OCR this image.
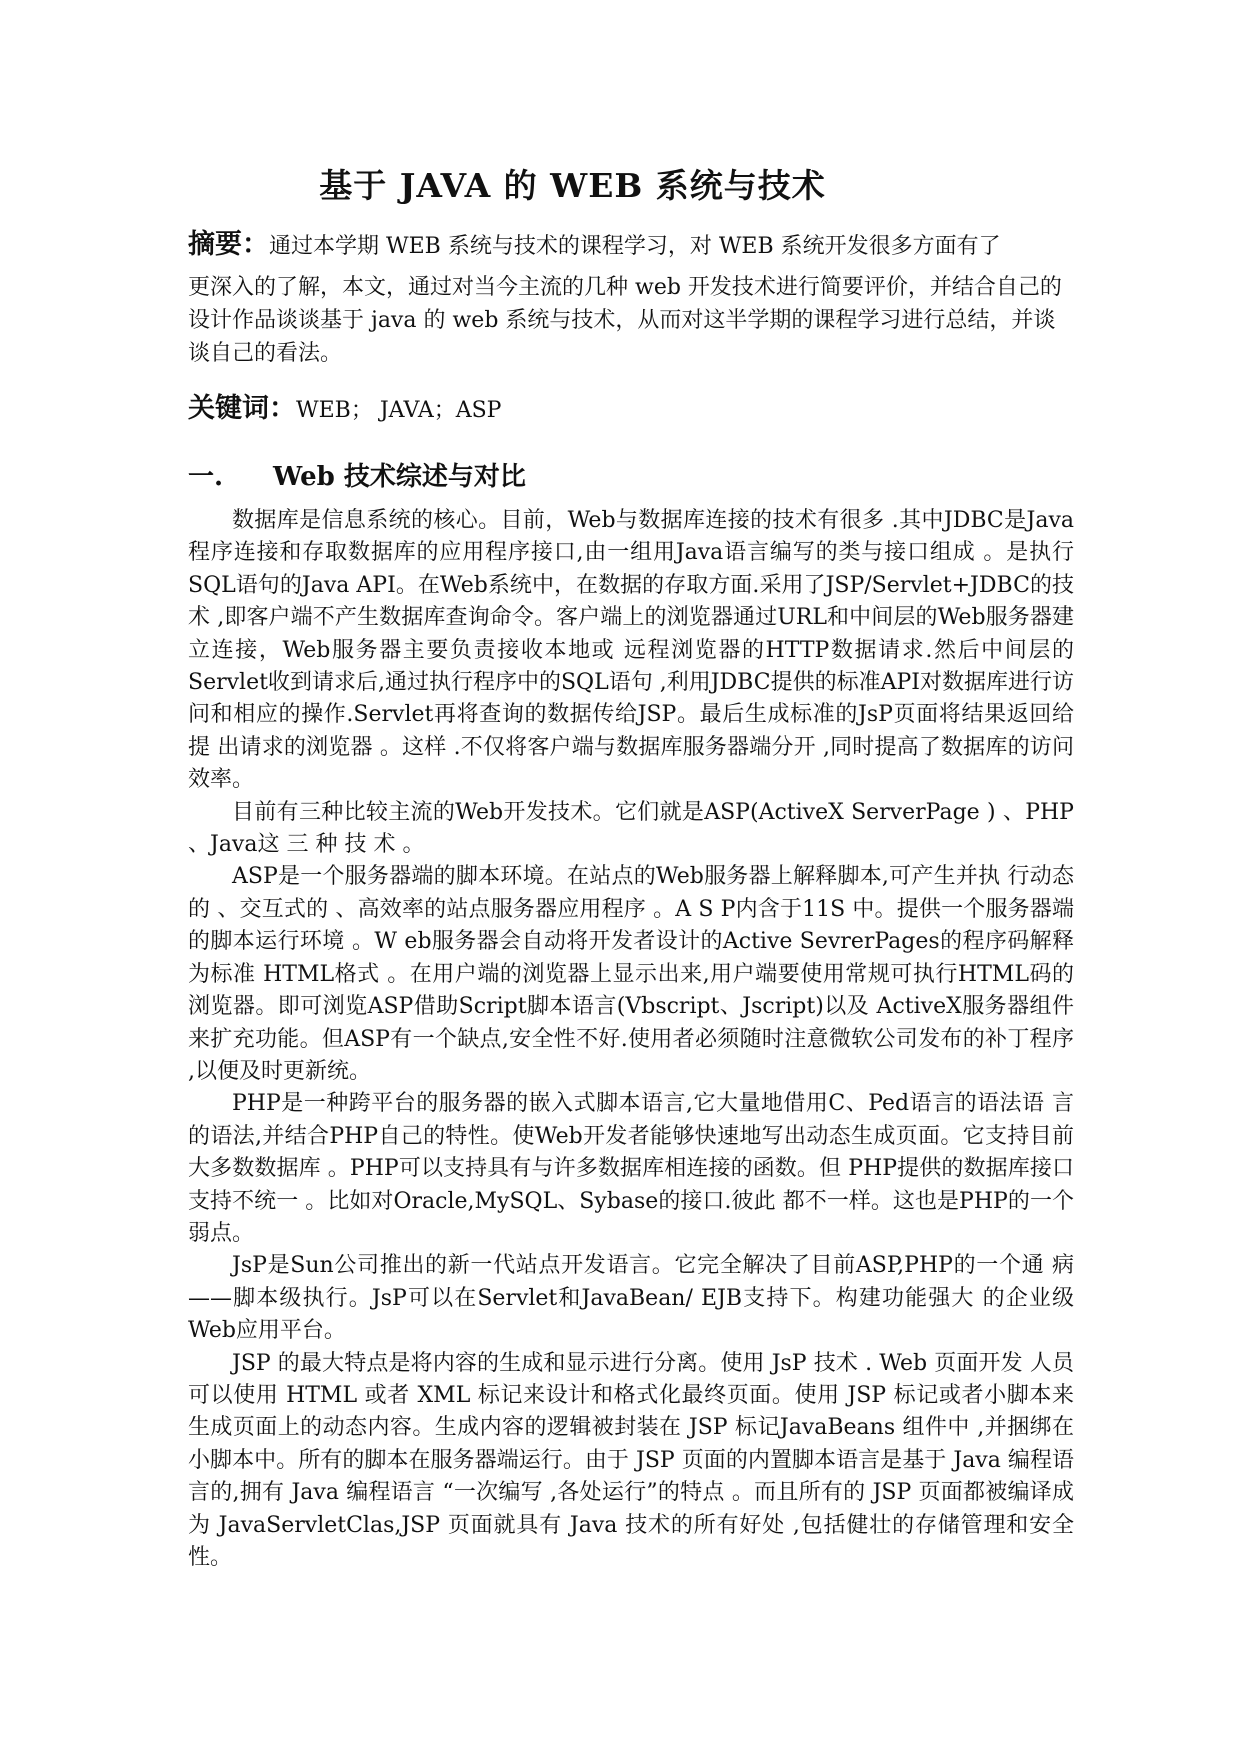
基于 JAVA 的 WEB 系统与技术
摘要：通过本学期 WEB 系统与技术的课程学习，对 WEB 系统开发很多方面有了
更深入的了解，本文，通过对当今主流的几种 web 开发技术进行简要评价，并结合自己的设计作品谈谈基于 java 的 web 系统与技术，从而对这半学期的课程学习进行总结，并谈谈自己的看法。
关键词：WEB； JAVA；ASP
一. Web 技术综述与对比

数据库是信息系统的核心。目前，Web与数据库连接的技术有很多 .其中JDBC是Java程序连接和存取数据库的应用程序接口,由一组用Java语言编写的类与接口组成 。是执行SQL语句的Java API。在Web系统中，在数据的存取方面.采用了JSP/Servlet+JDBC的技术 ,即客户端不产生数据库查询命令。客户端上的浏览器通过URL和中间层的Web服务器建立连接，Web服务器主要负责接收本地或 远程浏览器的HTTP数据请求.然后中间层的Servlet收到请求后,通过执行程序中的SQL语句 ,利用JDBC提供的标准API对数据库进行访问和相应的操作.Servlet再将查询的数据传给JSP。最后生成标准的JsP页面将结果返回给提 出请求的浏览器 。这样 .不仅将客户端与数据库服务器端分开 ,同时提高了数据库的访问效率。

目前有三种比较主流的Web开发技术。它们就是ASP(ActiveX ServerPage ) 、PHP 、Java这 三 种 技 术 。

ASP是一个服务器端的脚本环境。在站点的Web服务器上解释脚本,可产生并执 行动态的 、交互式的 、高效率的站点服务器应用程序 。A S P内含于11S 中。提供一个服务器端的脚本运行环境 。W eb服务器会自动将开发者设计的Active SevrerPages的程序码解释为标准 HTML格式 。在用户端的浏览器上显示出来,用户端要使用常规可执行HTML码的浏览器。即可浏览ASP借助Script脚本语言(Vbscript、Jscript)以及 ActiveX服务器组件来扩充功能。但ASP有一个缺点,安全性不好.使用者必须随时注意微软公司发布的补丁程序 ,以便及时更新统。

PHP是一种跨平台的服务器的嵌入式脚本语言,它大量地借用C、Ped语言的语法语 言的语法,并结合PHP自己的特性。使Web开发者能够快速地写出动态生成页面。它支持目前大多数数据库 。PHP可以支持具有与许多数据库相连接的函数。但 PHP提供的数据库接口支持不统一 。比如对Oracle,MySQL、Sybase的接口.彼此 都不一样。这也是PHP的一个弱点。

JsP是Sun公司推出的新一代站点开发语言。它完全解决了目前ASP,PHP的一个通 病——脚本级执行。JsP可以在Servlet和JavaBean/ EJB支持下。构建功能强大 的企业级Web应用平台。

JSP 的最大特点是将内容的生成和显示进行分离。使用 JsP 技术 . Web 页面开发 人员可以使用 HTML 或者 XML 标记来设计和格式化最终页面。使用 JSP 标记或者小脚本来生成页面上的动态内容。生成内容的逻辑被封装在 JSP 标记JavaBeans 组件中 ,并捆绑在小脚本中。所有的脚本在服务器端运行。由于 JSP 页面的内置脚本语言是基于 Java 编程语言的,拥有 Java 编程语言 “一次编写 ,各处运行”的特点 。而且所有的 JSP 页面都被编译成为 JavaServletClas,JSP 页面就具有 Java 技术的所有好处 ,包括健壮的存储管理和安全性。
